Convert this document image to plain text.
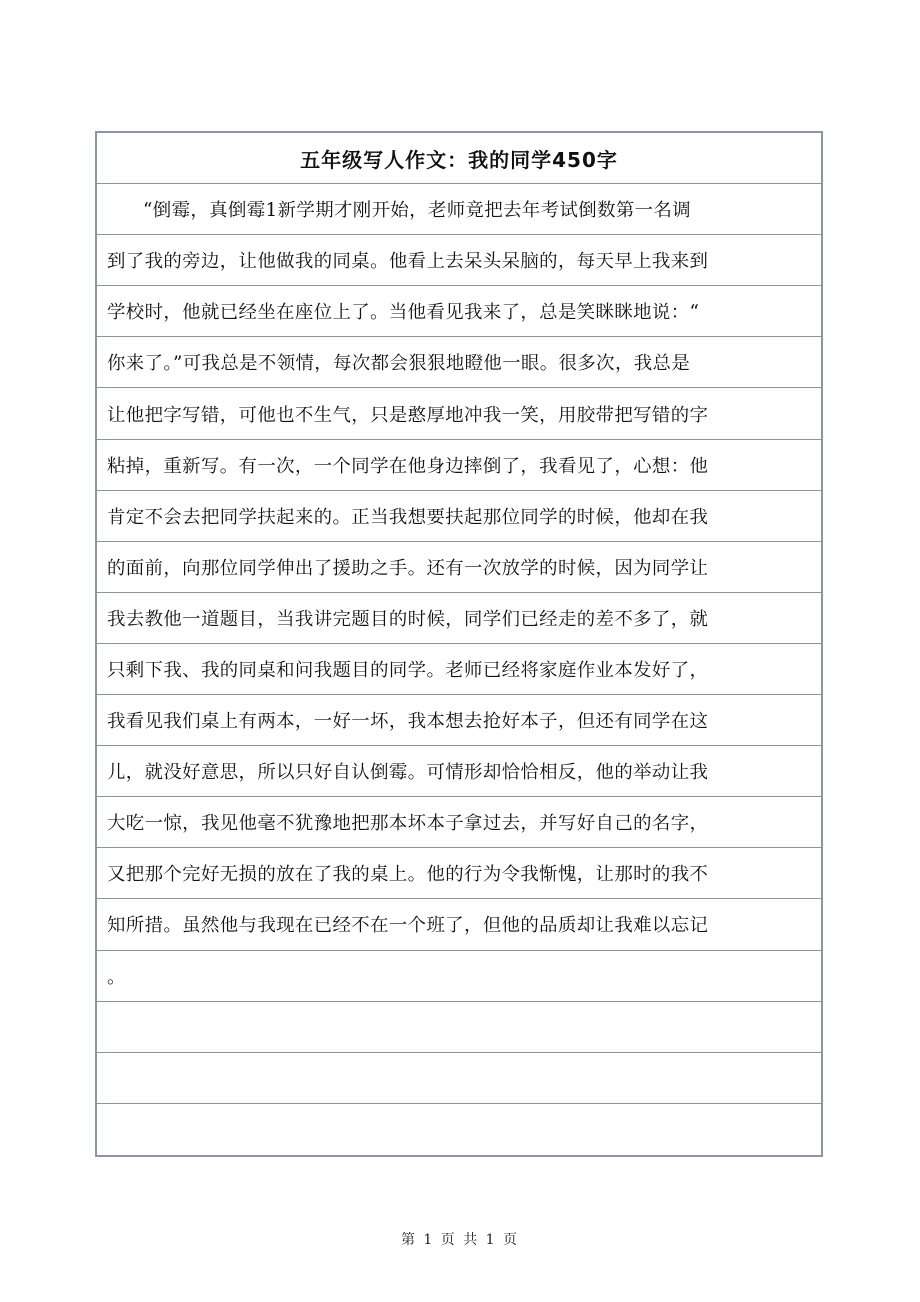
五年级写人作文：我的同学450字
“倒霉，真倒霉1新学期才刚开始，老师竟把去年考试倒数第一名调
到了我的旁边，让他做我的同桌。他看上去呆头呆脑的，每天早上我来到
学校时，他就已经坐在座位上了。当他看见我来了，总是笑眯眯地说：“
你来了。”可我总是不领情，每次都会狠狠地瞪他一眼。很多次，我总是
让他把字写错，可他也不生气，只是憨厚地冲我一笑，用胶带把写错的字
粘掉，重新写。有一次，一个同学在他身边摔倒了，我看见了，心想：他
肯定不会去把同学扶起来的。正当我想要扶起那位同学的时候，他却在我
的面前，向那位同学伸出了援助之手。还有一次放学的时候，因为同学让
我去教他一道题目，当我讲完题目的时候，同学们已经走的差不多了，就
只剩下我、我的同桌和问我题目的同学。老师已经将家庭作业本发好了，
我看见我们桌上有两本，一好一坏，我本想去抢好本子，但还有同学在这
儿，就没好意思，所以只好自认倒霉。可情形却恰恰相反，他的举动让我
大吃一惊，我见他毫不犹豫地把那本坏本子拿过去，并写好自己的名字，
又把那个完好无损的放在了我的桌上。他的行为令我惭愧，让那时的我不
知所措。虽然他与我现在已经不在一个班了，但他的品质却让我难以忘记
。
第 1 页 共 1 页
